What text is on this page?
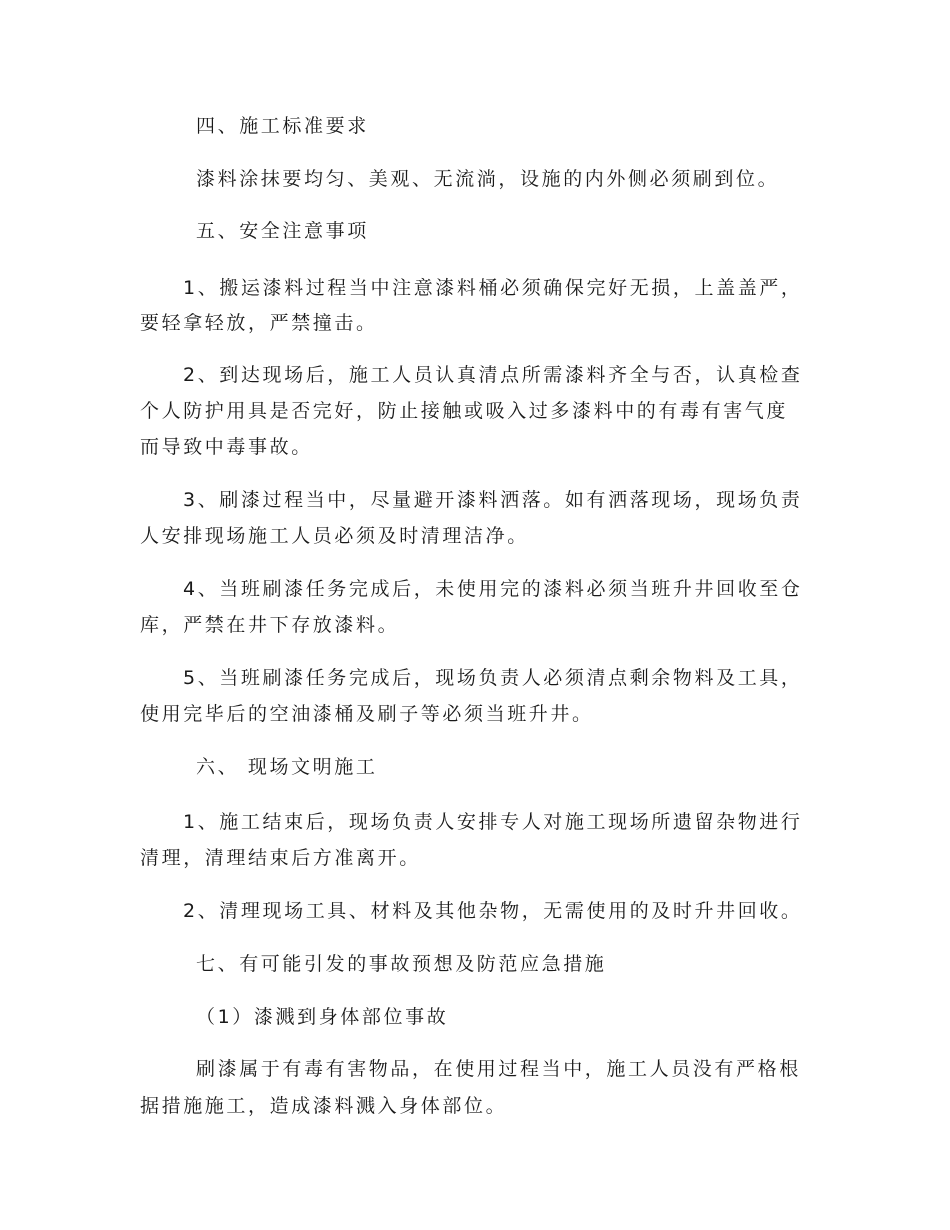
四、施工标准要求
漆料涂抹要均匀、美观、无流淌，设施的内外侧必须刷到位。
五、安全注意事项
1、搬运漆料过程当中注意漆料桶必须确保完好无损，上盖盖严，
要轻拿轻放，严禁撞击。
2、到达现场后，施工人员认真清点所需漆料齐全与否，认真检查
个人防护用具是否完好，防止接触或吸入过多漆料中的有毒有害气度
而导致中毒事故。
3、刷漆过程当中，尽量避开漆料洒落。如有洒落现场，现场负责
人安排现场施工人员必须及时清理洁净。
4、当班刷漆任务完成后，未使用完的漆料必须当班升井回收至仓
库，严禁在井下存放漆料。
5、当班刷漆任务完成后，现场负责人必须清点剩余物料及工具，
使用完毕后的空油漆桶及刷子等必须当班升井。
六、 现场文明施工
1、施工结束后，现场负责人安排专人对施工现场所遗留杂物进行
清理，清理结束后方准离开。
2、清理现场工具、材料及其他杂物，无需使用的及时升井回收。
七、有可能引发的事故预想及防范应急措施
（1）漆溅到身体部位事故
刷漆属于有毒有害物品，在使用过程当中，施工人员没有严格根
据措施施工，造成漆料溅入身体部位。
